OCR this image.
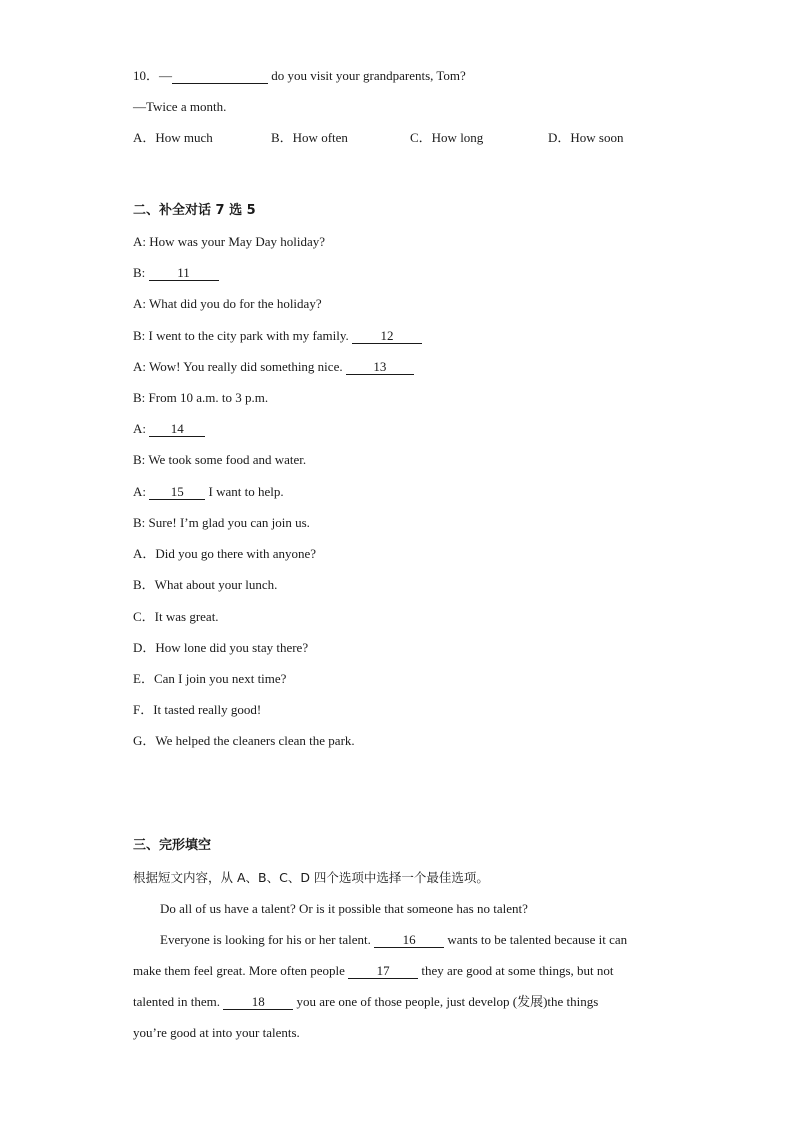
10．—	do you visit your grandparents, Tom?
—Twice a month.
A．How much	B．How often	C．How long	D．How soon
二、补全对话 7 选 5
A: How was your May Day holiday?
B: 11
A: What did you do for the holiday?
B: I went to the city park with my family. 12
A: Wow! You really did something nice. 13
B: From 10 a.m. to 3 p.m.
A: 14
B: We took some food and water.
A: 15 I want to help.
B: Sure! I’m glad you can join us.
A．Did you go there with anyone?
B．What about your lunch.
C．It was great.
D．How lone did you stay there?
E．Can I join you next time?
F．It tasted really good!
G．We helped the cleaners clean the park.
三、完形填空
根据短文内容，从 A、B、C、D 四个选项中选择一个最佳选项。
Do all of us have a talent? Or is it possible that someone has no talent?
Everyone is looking for his or her talent. 16 wants to be talented because it can
make them feel great. More often people 17 they are good at some things, but not
talented in them. 18 you are one of those people, just develop (发展)the things
you’re good at into your talents.
